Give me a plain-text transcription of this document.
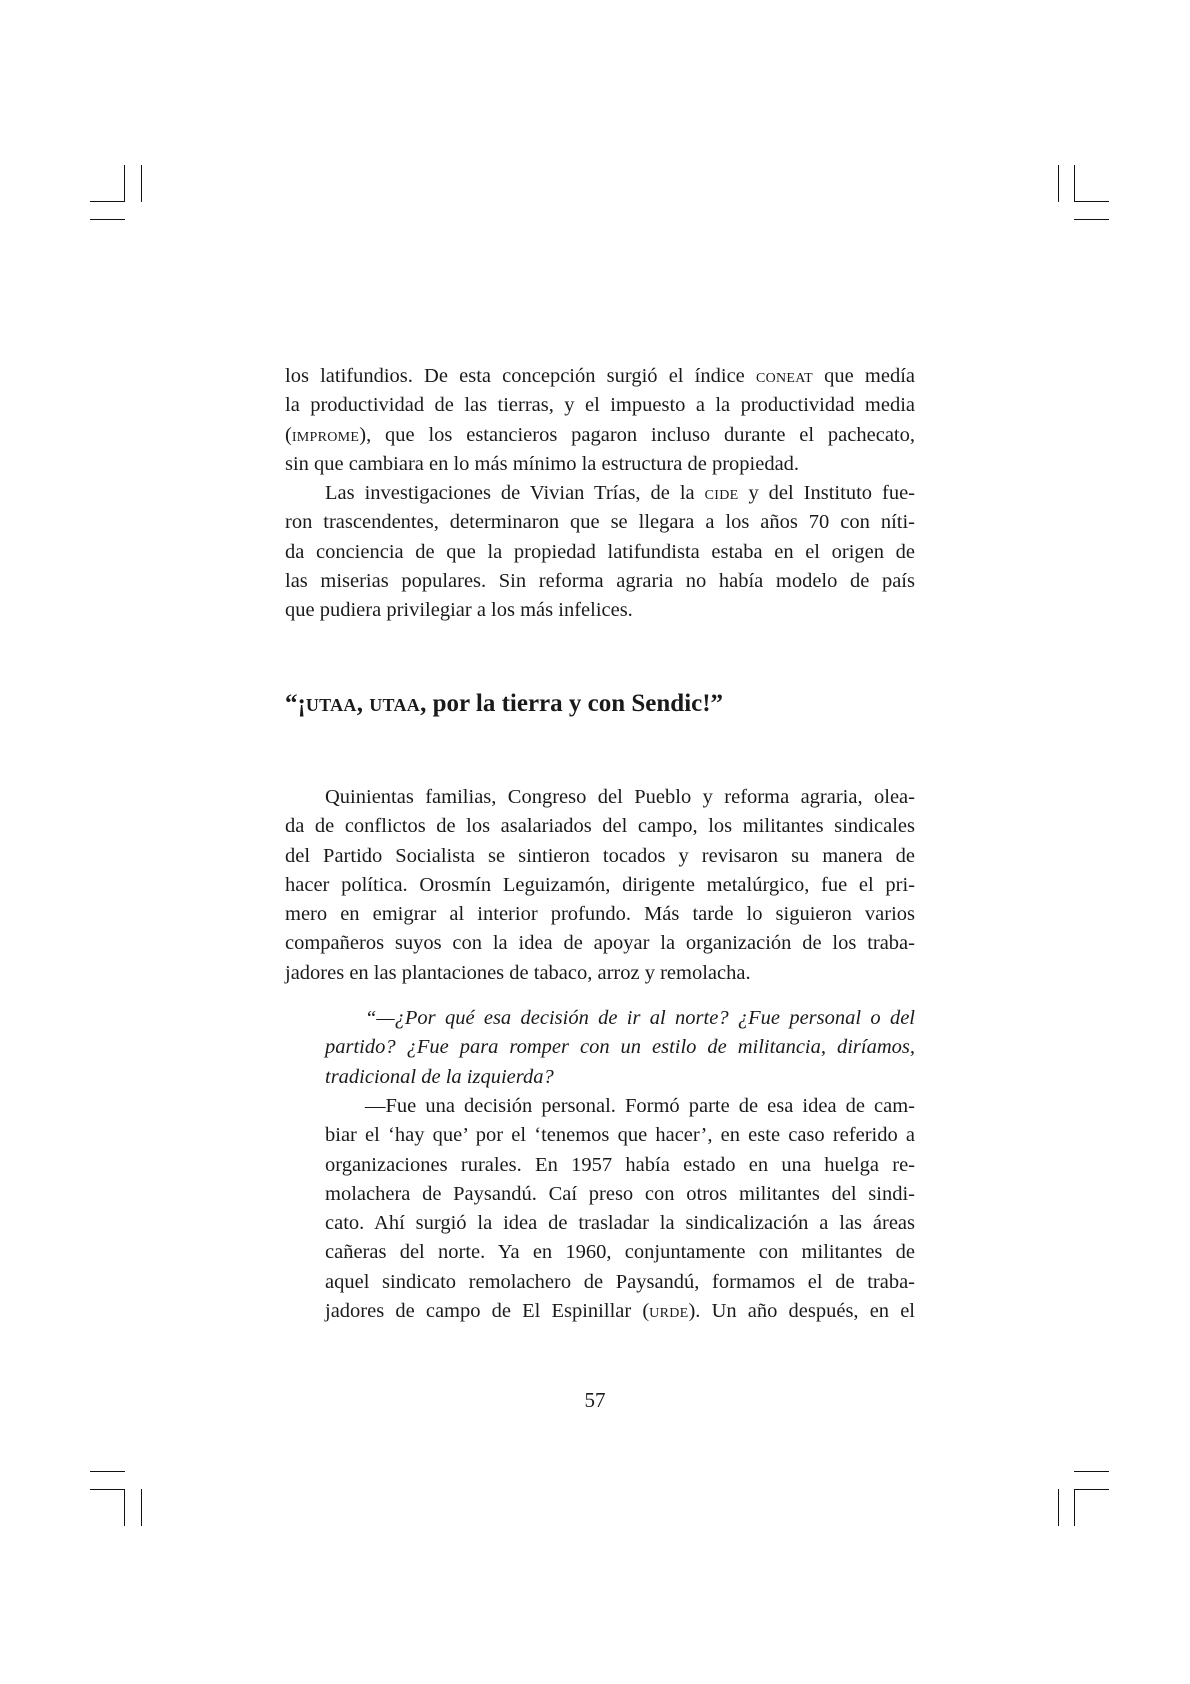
los latifundios. De esta concepción surgió el índice coneat que medía
la productividad de las tierras, y el impuesto a la productividad media
(improme), que los estancieros pagaron incluso durante el pachecato,
sin que cambiara en lo más mínimo la estructura de propiedad.
Las investigaciones de Vivian Trías, de la cide y del Instituto fue-
ron trascendentes, determinaron que se llegara a los años 70 con níti-
da conciencia de que la propiedad latifundista estaba en el origen de
las miserias populares. Sin reforma agraria no había modelo de país
que pudiera privilegiar a los más infelices.
“¡utaa, utaa, por la tierra y con Sendic!”
Quinientas familias, Congreso del Pueblo y reforma agraria, olea-
da de conflictos de los asalariados del campo, los militantes sindicales
del Partido Socialista se sintieron tocados y revisaron su manera de
hacer política. Orosmín Leguizamón, dirigente metalúrgico, fue el pri-
mero en emigrar al interior profundo. Más tarde lo siguieron varios
compañeros suyos con la idea de apoyar la organización de los traba-
jadores en las plantaciones de tabaco, arroz y remolacha.
“—¿Por qué esa decisión de ir al norte? ¿Fue personal o del
partido? ¿Fue para romper con un estilo de militancia, diríamos,
tradicional de la izquierda?
—Fue una decisión personal. Formó parte de esa idea de cam-
biar el ‘hay que’ por el ‘tenemos que hacer’, en este caso referido a
organizaciones rurales. En 1957 había estado en una huelga re-
molachera de Paysandú. Caí preso con otros militantes del sindi-
cato. Ahí surgió la idea de trasladar la sindicalización a las áreas
cañeras del norte. Ya en 1960, conjuntamente con militantes de
aquel sindicato remolachero de Paysandú, formamos el de traba-
jadores de campo de El Espinillar (urde). Un año después, en el
57
